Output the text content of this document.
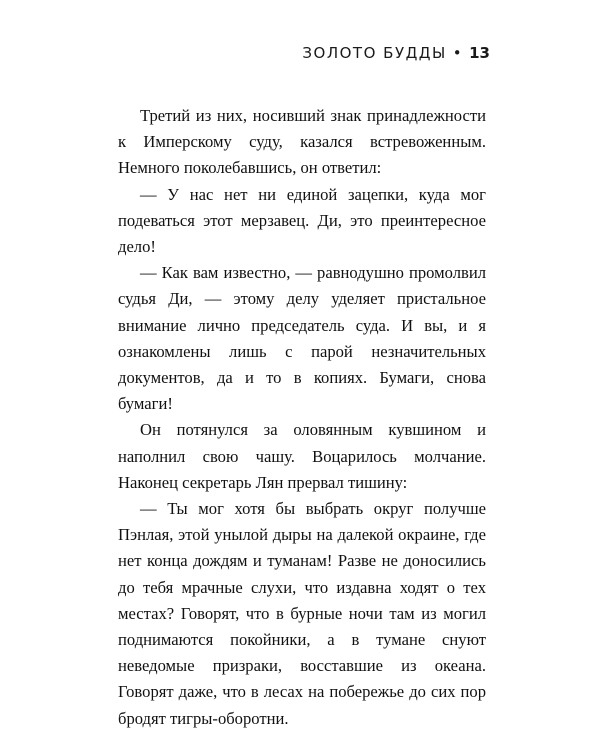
ЗОЛОТО БУДДЫ • 13

Третий из них, носивший знак принадлежности к Имперскому суду, казался встревоженным. Немного поколебавшись, он ответил:

— У нас нет ни единой зацепки, куда мог подеваться этот мерзавец. Ди, это преинтересное дело!

— Как вам известно, — равнодушно промолвил судья Ди, — этому делу уделяет пристальное внимание лично председатель суда. И вы, и я ознакомлены лишь с парой незначительных документов, да и то в копиях. Бумаги, снова бумаги!

Он потянулся за оловянным кувшином и наполнил свою чашу. Воцарилось молчание. Наконец секретарь Лян прервал тишину:

— Ты мог хотя бы выбрать округ получше Пэнлая, этой унылой дыры на далекой окраине, где нет конца дождям и туманам! Разве не доносились до тебя мрачные слухи, что издавна ходят о тех местах? Говорят, что в бурные ночи там из могил поднимаются покойники, а в тумане снуют неведомые призраки, восставшие из океана. Говорят даже, что в лесах на побережье до сих пор бродят тигры-оборотни.
